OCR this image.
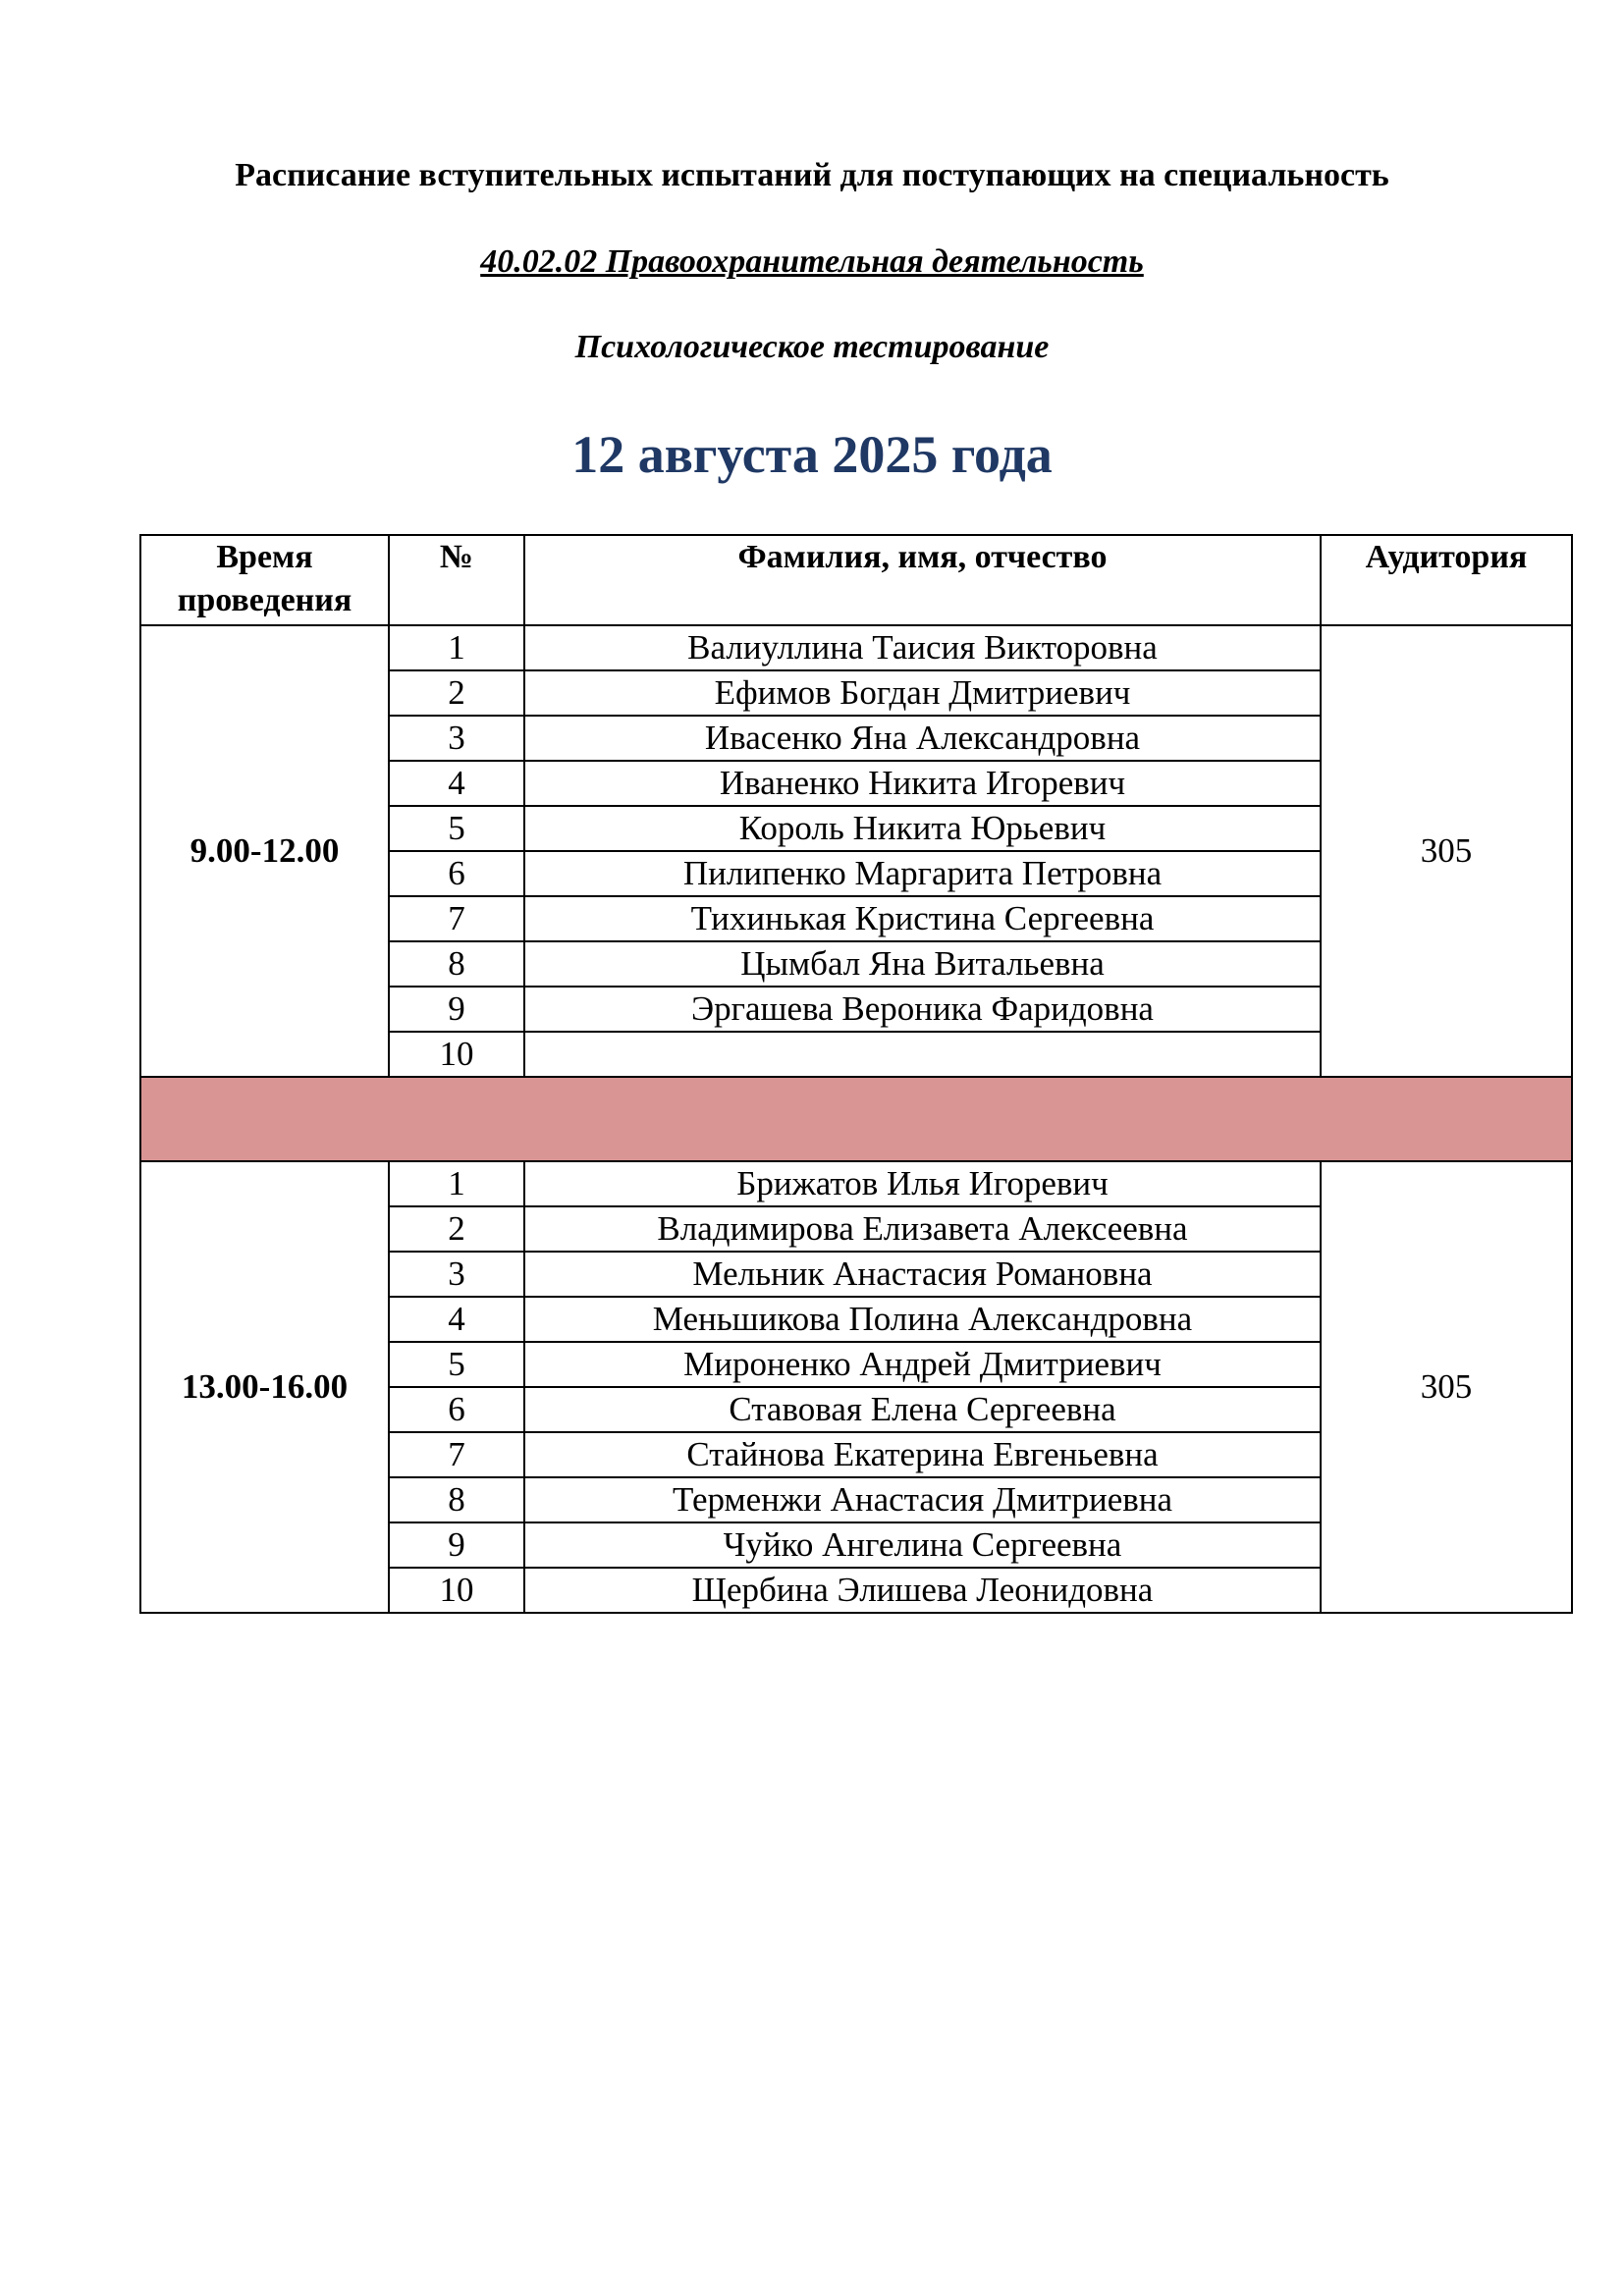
Расписание вступительных испытаний для поступающих на специальность

40.02.02 Правоохранительная деятельность

Психологическое тестирование

12 августа 2025 года

Время проведения	№	Фамилия, имя, отчество	Аудитория
9.00-12.00	1	Валиуллина Таисия Викторовна	305
	2	Ефимов Богдан Дмитриевич	
	3	Ивасенко Яна Александровна	
	4	Иваненко Никита Игоревич	
	5	Король Никита Юрьевич	
	6	Пилипенко Маргарита Петровна	
	7	Тихинькая Кристина Сергеевна	
	8	Цымбал Яна Витальевна	
	9	Эргашева Вероника Фаридовна	
	10		

13.00-16.00	1	Брижатов Илья Игоревич	305
	2	Владимирова Елизавета Алексеевна	
	3	Мельник Анастасия Романовна	
	4	Меньшикова Полина Александровна	
	5	Мироненко Андрей Дмитриевич	
	6	Ставовая Елена Сергеевна	
	7	Стайнова Екатерина Евгеньевна	
	8	Терменжи Анастасия Дмитриевна	
	9	Чуйко Ангелина Сергеевна	
	10	Щербина Элишева Леонидовна	
